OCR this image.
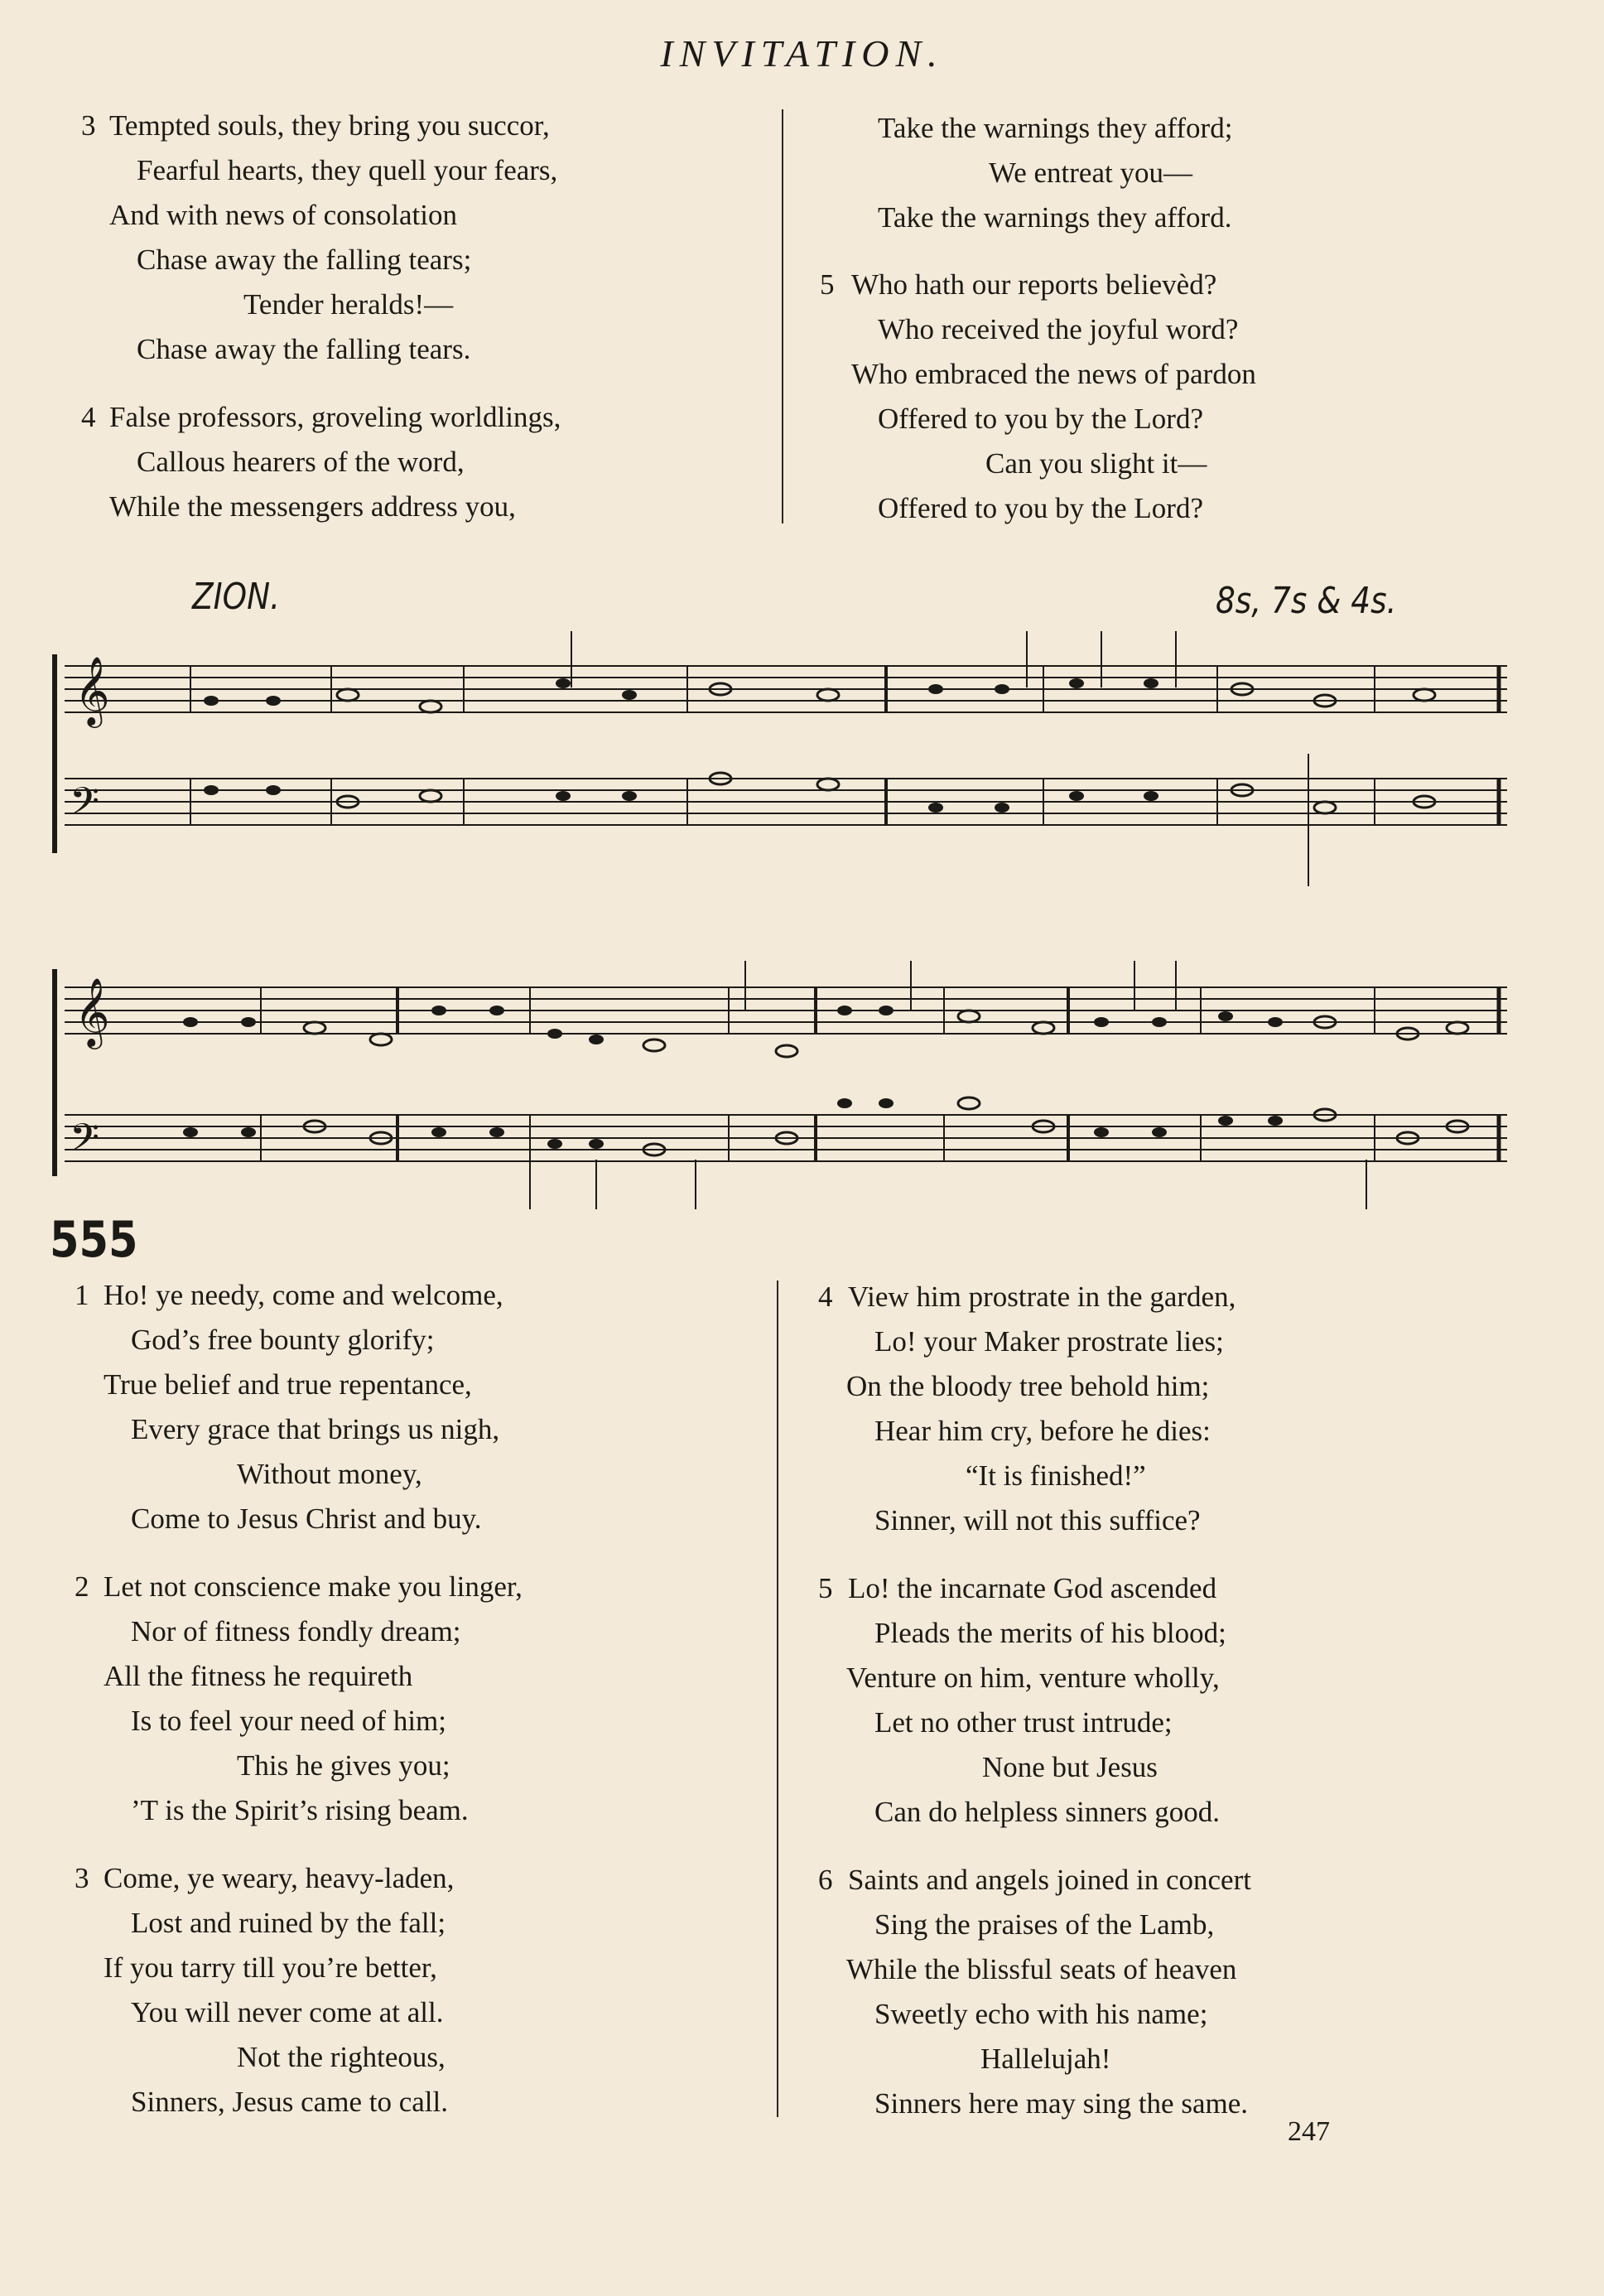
INVITATION.
3 Tempted souls, they bring you succor,
Fearful hearts, they quell your fears,
And with news of consolation
Chase away the falling tears;
Tender heralds!—
Chase away the falling tears.
4 False professors, groveling worldlings,
Callous hearers of the word,
While the messengers address you,
Take the warnings they afford;
We entreat you—
Take the warnings they afford.
5 Who hath our reports believèd?
Who received the joyful word?
Who embraced the news of pardon
Offered to you by the Lord?
Can you slight it—
Offered to you by the Lord?
ZION.	8s, 7s & 4s.
𝄞
𝄢
𝄞
𝄢
555
1 Ho! ye needy, come and welcome,
God’s free bounty glorify;
True belief and true repentance,
Every grace that brings us nigh,
Without money,
Come to Jesus Christ and buy.
2 Let not conscience make you linger,
Nor of fitness fondly dream;
All the fitness he requireth
Is to feel your need of him;
This he gives you;
’T is the Spirit’s rising beam.
3 Come, ye weary, heavy-laden,
Lost and ruined by the fall;
If you tarry till you’re better,
You will never come at all.
Not the righteous,
Sinners, Jesus came to call.
4 View him prostrate in the garden,
Lo! your Maker prostrate lies;
On the bloody tree behold him;
Hear him cry, before he dies:
“It is finished!”
Sinner, will not this suffice?
5 Lo! the incarnate God ascended
Pleads the merits of his blood;
Venture on him, venture wholly,
Let no other trust intrude;
None but Jesus
Can do helpless sinners good.
6 Saints and angels joined in concert
Sing the praises of the Lamb,
While the blissful seats of heaven
Sweetly echo with his name;
Hallelujah!
Sinners here may sing the same.
247
